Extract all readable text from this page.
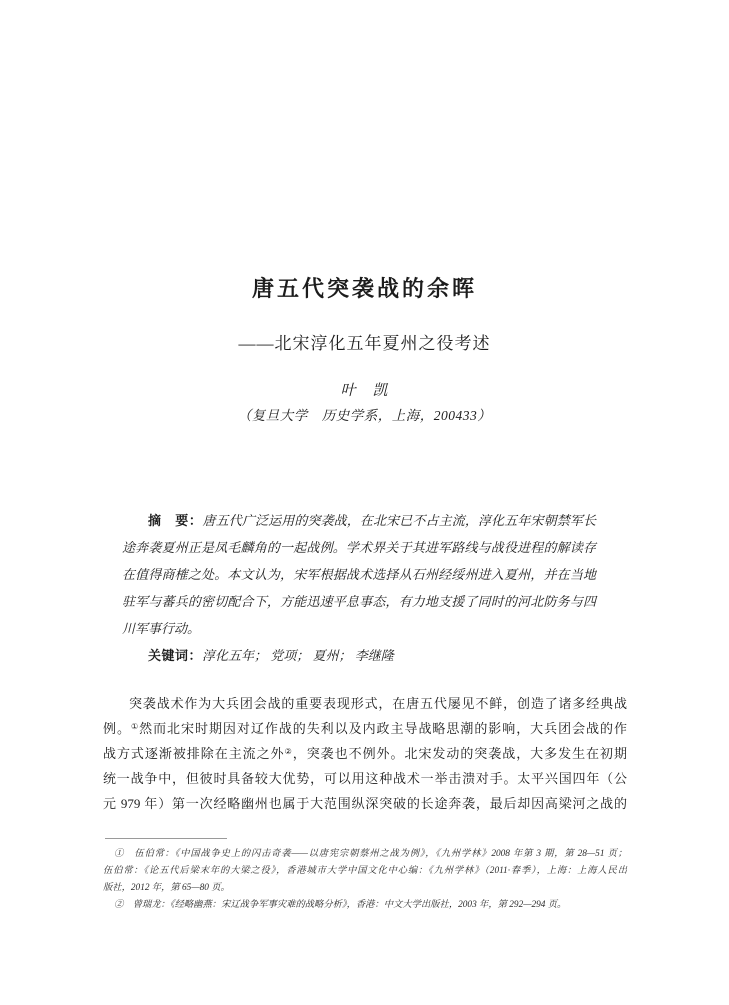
唐五代突袭战的余晖
——北宋淳化五年夏州之役考述
叶　凯
（复旦大学　历史学系，上海，200433）
摘　要：唐五代广泛运用的突袭战，在北宋已不占主流，淳化五年宋朝禁军长
途奔袭夏州正是凤毛麟角的一起战例。学术界关于其进军路线与战役进程的解读存
在值得商榷之处。本文认为，宋军根据战术选择从石州经绥州进入夏州，并在当地
驻军与蕃兵的密切配合下，方能迅速平息事态，有力地支援了同时的河北防务与四
川军事行动。
关键词：淳化五年； 党项； 夏州； 李继隆
突袭战术作为大兵团会战的重要表现形式，在唐五代屡见不鲜，创造了诸多经典战
例。①然而北宋时期因对辽作战的失利以及内政主导战略思潮的影响，大兵团会战的作
战方式逐渐被排除在主流之外②，突袭也不例外。北宋发动的突袭战，大多发生在初期
统一战争中，但彼时具备较大优势，可以用这种战术一举击溃对手。太平兴国四年（公
元 979 年）第一次经略幽州也属于大范围纵深突破的长途奔袭，最后却因高梁河之战的
①　伍伯常：《中国战争史上的闪击奇袭——以唐宪宗朝蔡州之战为例》，《九州学林》2008 年第 3 期，第 28—51 页；
伍伯常：《论五代后梁末年的大梁之役》，香港城市大学中国文化中心编：《九州学林》（2011·春季），上海：上海人民出
版社，2012 年，第 65—80 页。
②　曾瑞龙：《经略幽燕：宋辽战争军事灾难的战略分析》，香港：中文大学出版社，2003 年，第 292—294 页。
